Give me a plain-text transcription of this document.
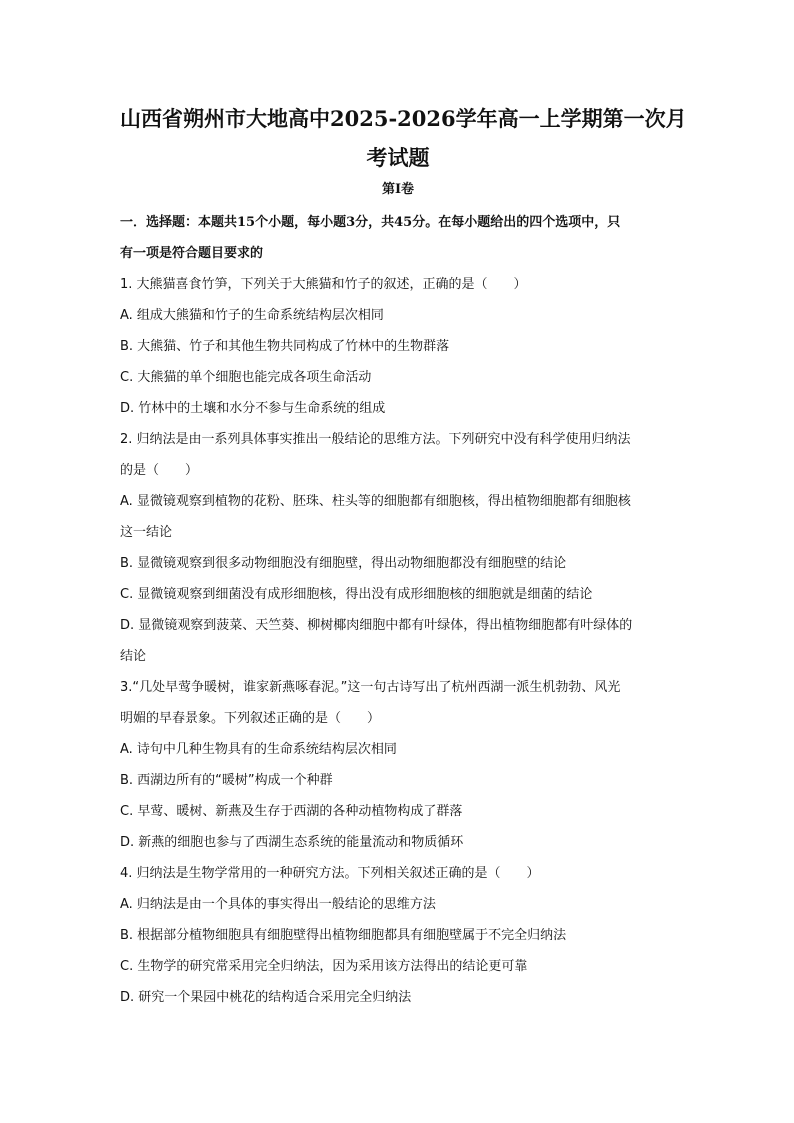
山西省朔州市大地高中2025-2026学年高一上学期第一次月
考试题
第I卷
一．选择题：本题共15个小题，每小题3分，共45分。在每小题给出的四个选项中，只
有一项是符合题目要求的
1. 大熊猫喜食竹笋，下列关于大熊猫和竹子的叙述，正确的是（　　）
A. 组成大熊猫和竹子的生命系统结构层次相同
B. 大熊猫、竹子和其他生物共同构成了竹林中的生物群落
C. 大熊猫的单个细胞也能完成各项生命活动
D. 竹林中的土壤和水分不参与生命系统的组成
2. 归纳法是由一系列具体事实推出一般结论的思维方法。下列研究中没有科学使用归纳法
的是（　　）
A. 显微镜观察到植物的花粉、胚珠、柱头等的细胞都有细胞核，得出植物细胞都有细胞核
这一结论
B. 显微镜观察到很多动物细胞没有细胞壁，得出动物细胞都没有细胞壁的结论
C. 显微镜观察到细菌没有成形细胞核，得出没有成形细胞核的细胞就是细菌的结论
D. 显微镜观察到菠菜、天竺葵、柳树椰肉细胞中都有叶绿体，得出植物细胞都有叶绿体的
结论
3.“几处早莺争暖树，谁家新燕啄春泥。”这一句古诗写出了杭州西湖一派生机勃勃、风光
明媚的早春景象。下列叙述正确的是（　　）
A. 诗句中几种生物具有的生命系统结构层次相同
B. 西湖边所有的“暖树”构成一个种群
C. 早莺、暖树、新燕及生存于西湖的各种动植物构成了群落
D. 新燕的细胞也参与了西湖生态系统的能量流动和物质循环
4. 归纳法是生物学常用的一种研究方法。下列相关叙述正确的是（　　）
A. 归纳法是由一个具体的事实得出一般结论的思维方法
B. 根据部分植物细胞具有细胞壁得出植物细胞都具有细胞壁属于不完全归纳法
C. 生物学的研究常采用完全归纳法，因为采用该方法得出的结论更可靠
D. 研究一个果园中桃花的结构适合采用完全归纳法
